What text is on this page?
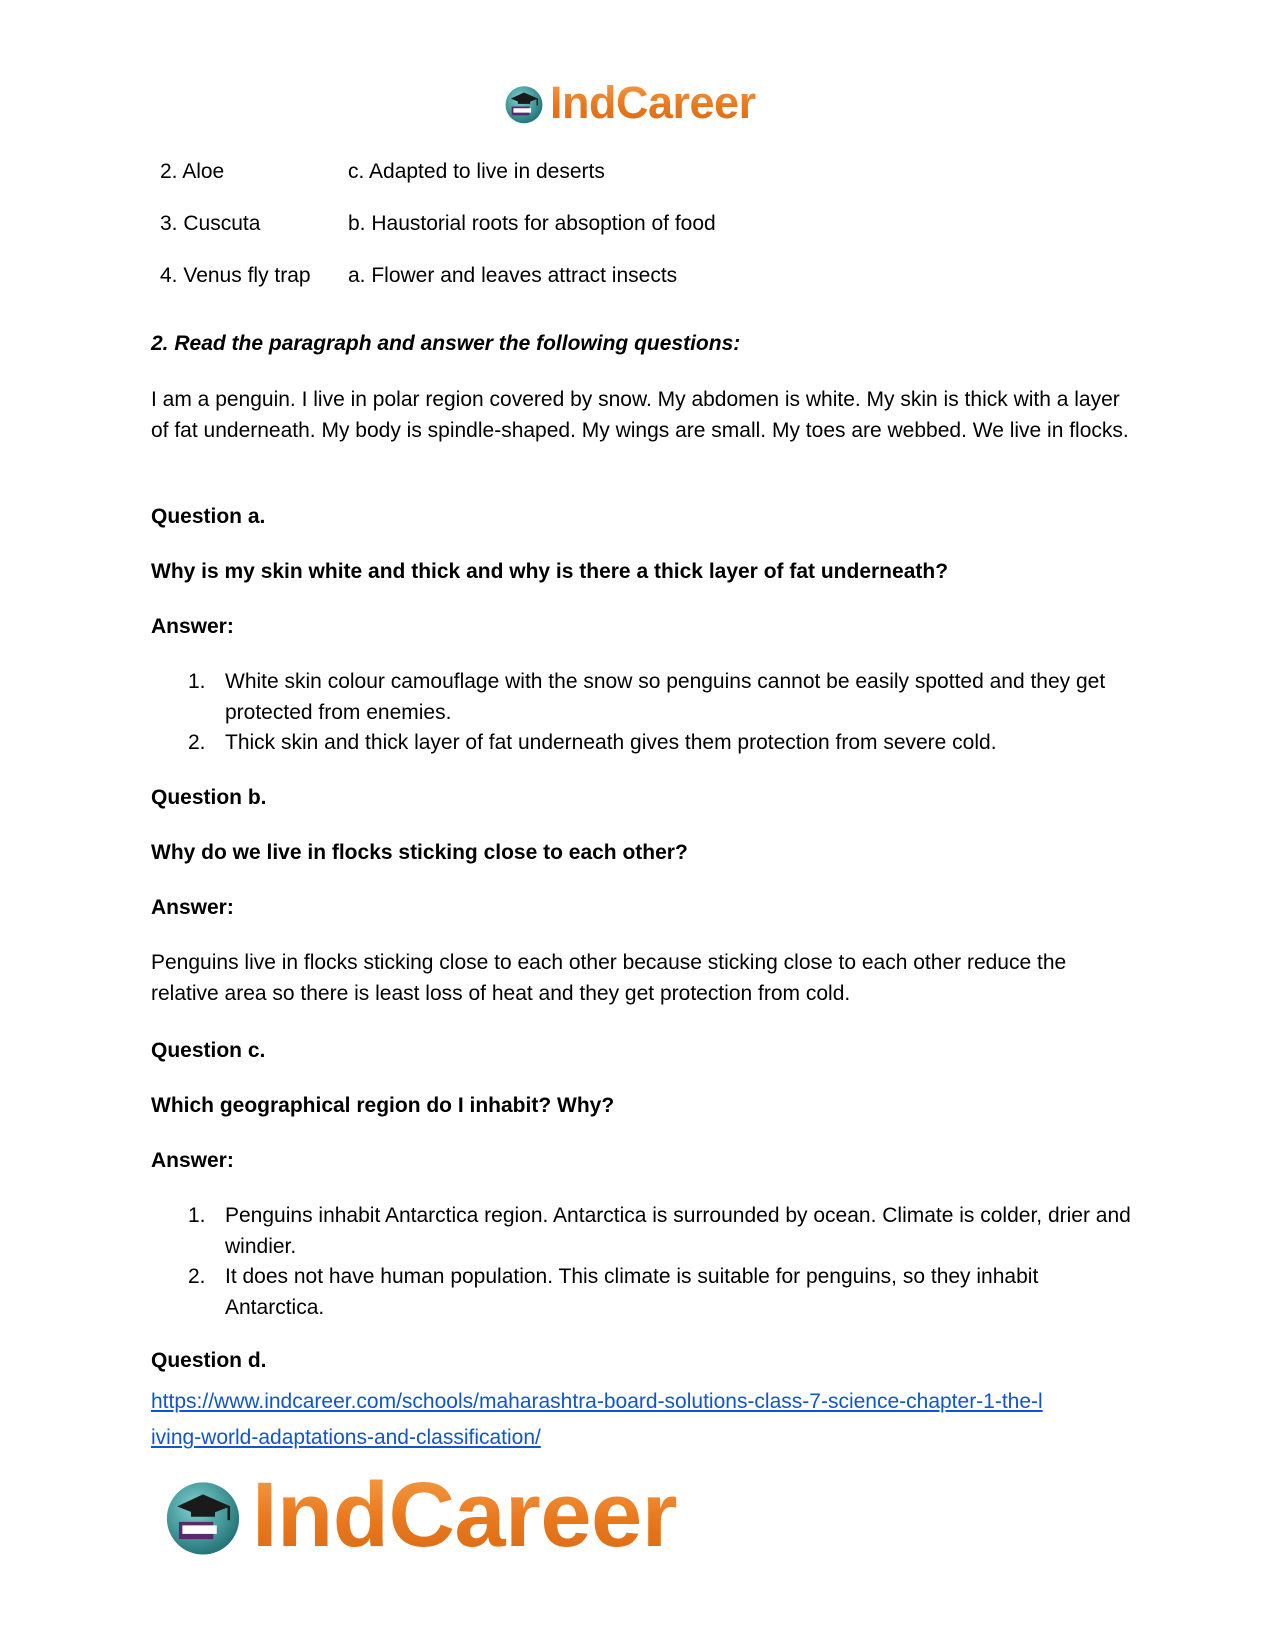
IndCareer
2. Aloe	c. Adapted to live in deserts
3. Cuscuta	b. Haustorial roots for absoption of food
4. Venus fly trap a. Flower and leaves attract insects
2. Read the paragraph and answer the following questions:
I am a penguin. I live in polar region covered by snow. My abdomen is white. My skin is thick with a layer of fat underneath. My body is spindle-shaped. My wings are small. My toes are webbed. We live in flocks.
Question a.
Why is my skin white and thick and why is there a thick layer of fat underneath?
Answer:
1. White skin colour camouflage with the snow so penguins cannot be easily spotted and they get protected from enemies.
2. Thick skin and thick layer of fat underneath gives them protection from severe cold.
Question b.
Why do we live in flocks sticking close to each other?
Answer:
Penguins live in flocks sticking close to each other because sticking close to each other reduce the relative area so there is least loss of heat and they get protection from cold.
Question c.
Which geographical region do I inhabit? Why?
Answer:
1. Penguins inhabit Antarctica region. Antarctica is surrounded by ocean. Climate is colder, drier and windier.
2. It does not have human population. This climate is suitable for penguins, so they inhabit Antarctica.
Question d.
https://www.indcareer.com/schools/maharashtra-board-solutions-class-7-science-chapter-1-the-l
iving-world-adaptations-and-classification/
IndCareer
